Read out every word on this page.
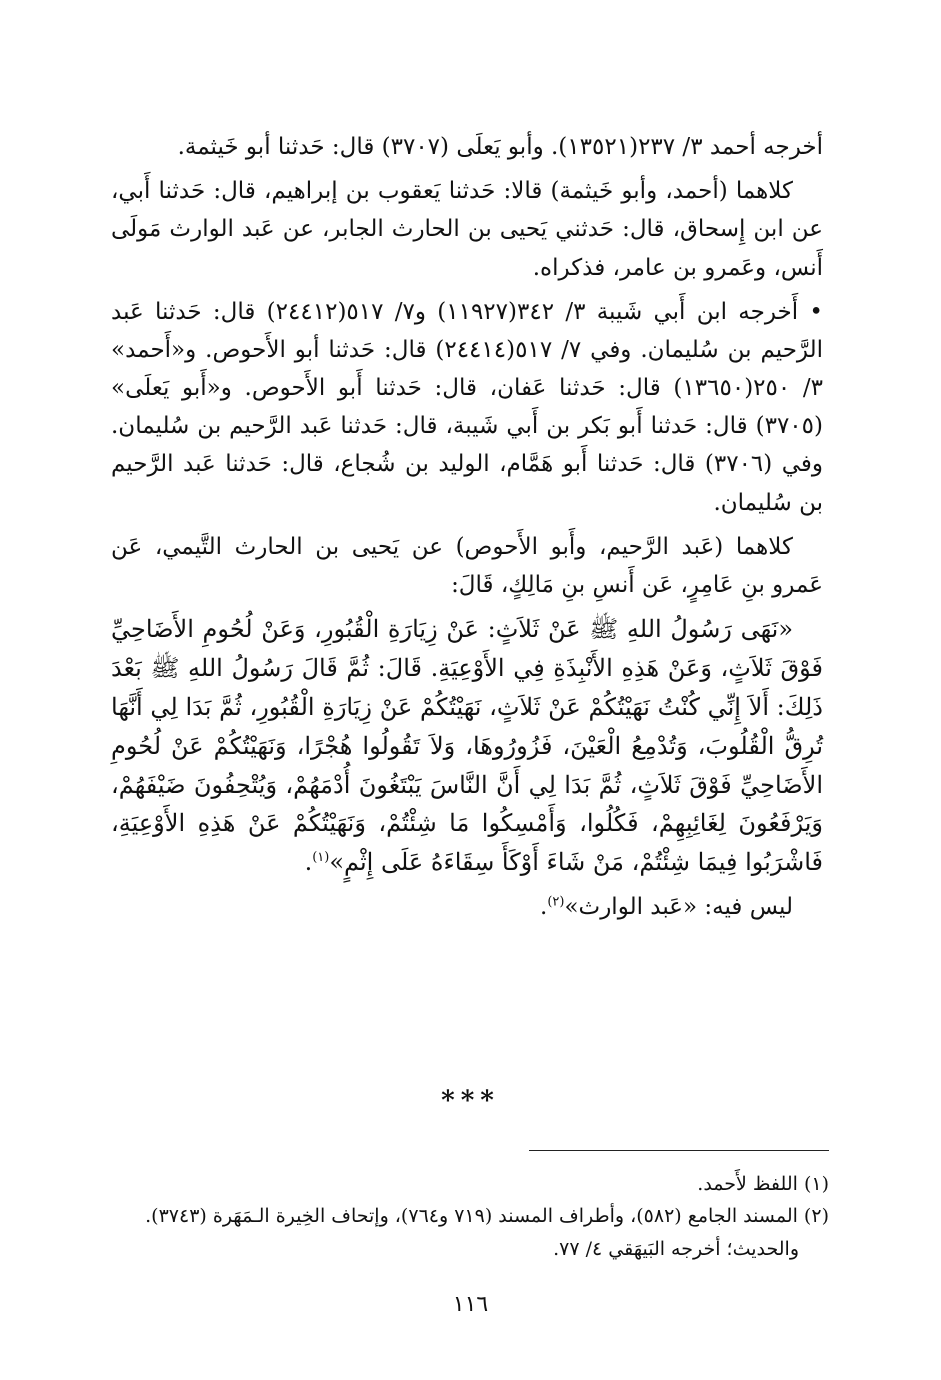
أخرجه أحمد ٣/ ٢٣٧(١٣٥٢١). وأبو يَعلَى (٣٧٠٧) قال: حَدثنا أبو خَيثمة.

كلاهما (أحمد، وأبو خَيثمة) قالا: حَدثنا يَعقوب بن إبراهيم، قال: حَدثنا أَبي، عن ابن إِسحاق، قال: حَدثني يَحيى بن الحارث الجابر، عن عَبد الوارث مَولَى أَنس، وعَمرو بن عامر، فذكراه.

• أَخرجه ابن أَبي شَيبة ٣/ ٣٤٢(١١٩٢٧) و٧/ ٥١٧(٢٤٤١٢) قال: حَدثنا عَبد الرَّحيم بن سُليمان. وفي ٧/ ٥١٧(٢٤٤١٤) قال: حَدثنا أبو الأَحوص. و«أَحمد» ٣/ ٢٥٠(١٣٦٥٠) قال: حَدثنا عَفان، قال: حَدثنا أَبو الأَحوص. و«أَبو يَعلَى» (٣٧٠٥) قال: حَدثنا أَبو بَكر بن أَبي شَيبة، قال: حَدثنا عَبد الرَّحيم بن سُليمان. وفي (٣٧٠٦) قال: حَدثنا أَبو هَمَّام، الوليد بن شُجاع، قال: حَدثنا عَبد الرَّحيم بن سُليمان.

كلاهما (عَبد الرَّحيم، وأَبو الأَحوص) عن يَحيى بن الحارث التَّيمي، عَن عَمرو بنِ عَامِرٍ، عَن أَنسِ بنِ مَالِكٍ، قَالَ:

«نَهَى رَسُولُ اللهِ ﷺ عَنْ ثَلاَثٍ: عَنْ زِيَارَةِ الْقُبُورِ، وَعَنْ لُحُومِ الأَضَاحِيِّ فَوْقَ ثَلاَثٍ، وَعَنْ هَذِهِ الأَنْبِذَةِ فِي الأَوْعِيَةِ. قَالَ: ثُمَّ قَالَ رَسُولُ اللهِ ﷺ بَعْدَ ذَلِكَ: أَلاَ إِنِّي كُنْتُ نَهَيْتُكُمْ عَنْ ثَلاَثٍ، نَهَيْتُكُمْ عَنْ زِيَارَةِ الْقُبُورِ، ثُمَّ بَدَا لِي أَنَّهَا تُرِقُّ الْقُلُوبَ، وَتُدْمِعُ الْعَيْنَ، فَزُورُوهَا، وَلاَ تَقُولُوا هُجْرًا، وَنَهَيْتُكُمْ عَنْ لُحُومِ الأَضَاحِيِّ فَوْقَ ثَلاَثٍ، ثُمَّ بَدَا لِي أَنَّ النَّاسَ يَبْتَغُونَ أُدْمَهُمْ، وَيُتْحِفُونَ ضَيْفَهُمْ، وَيَرْفَعُونَ لِغَائِبِهِمْ، فَكُلُوا، وَأَمْسِكُوا مَا شِئْتُمْ، وَنَهَيْتُكُمْ عَنْ هَذِهِ الأَوْعِيَةِ، فَاشْرَبُوا فِيمَا شِئْتُمْ، مَنْ شَاءَ أَوْكَأَ سِقَاءَهُ عَلَى إِثْمٍ»$^{(١)}$.

ليس فيه: «عَبد الوارث»$^{(٢)}$.

***

(١) اللفظ لأَحمد.

(٢) المسند الجامع (٥٨٢)، وأطراف المسند (٧١٩ و٧٦٤)، وإتحاف الخِيرة الـمَهَرة (٣٧٤٣).

والحديث؛ أخرجه البَيهَقي ٤/ ٧٧.

١١٦
